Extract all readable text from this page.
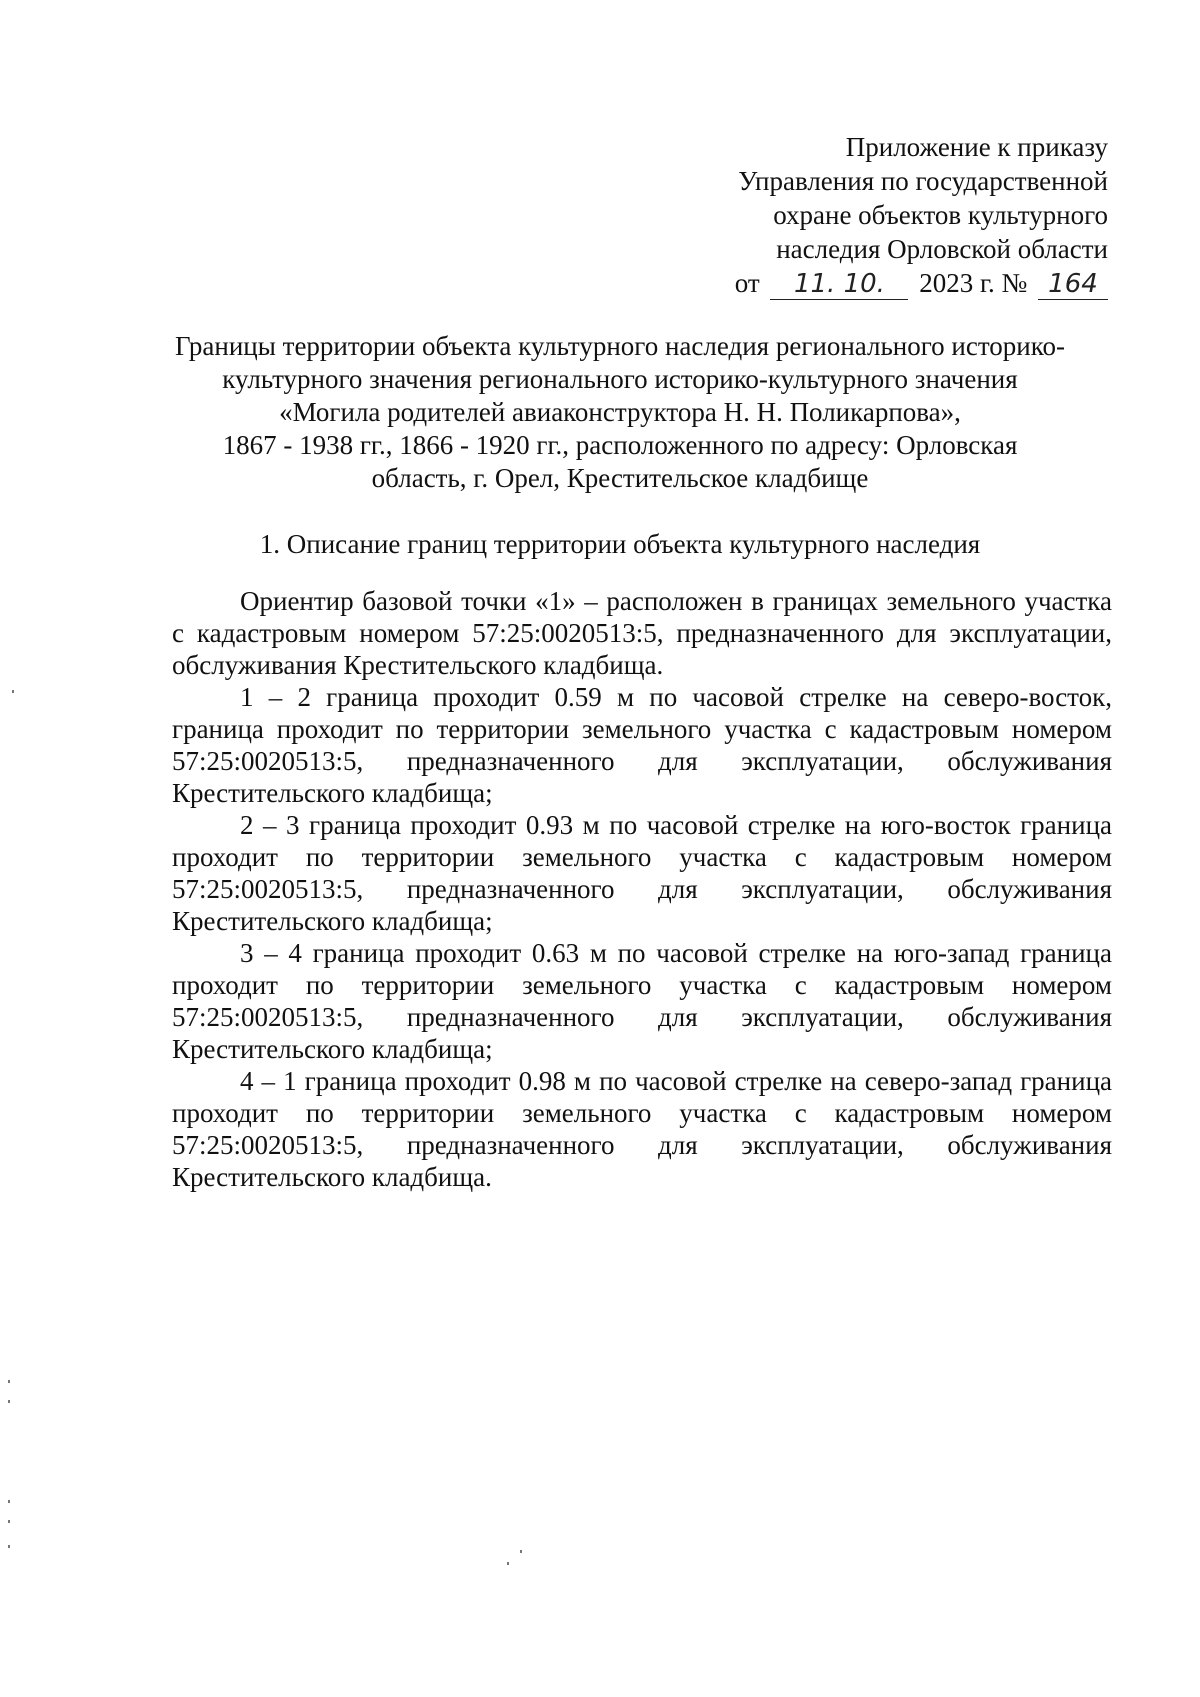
Приложение к приказу
Управления по государственной
охране объектов культурного
наследия Орловской области
от 11. 10. 2023 г. № 164
Границы территории объекта культурного наследия регионального историко-
культурного значения регионального историко-культурного значения
«Могила родителей авиаконструктора Н. Н. Поликарпова»,
1867 - 1938 гг., 1866 - 1920 гг., расположенного по адресу: Орловская
область, г. Орел, Крестительское кладбище
1. Описание границ территории объекта культурного наследия

Ориентир базовой точки «1» – расположен в границах земельного участка с кадастровым номером 57:25:0020513:5, предназначенного для эксплуатации, обслуживания Крестительского кладбища.

1 – 2 граница проходит 0.59 м по часовой стрелке на северо-восток, граница проходит по территории земельного участка с кадастровым номером 57:25:0020513:5, предназначенного для эксплуатации, обслуживания Крестительского кладбища;

2 – 3 граница проходит 0.93 м по часовой стрелке на юго-восток граница проходит по территории земельного участка с кадастровым номером 57:25:0020513:5, предназначенного для эксплуатации, обслуживания Крестительского кладбища;

3 – 4 граница проходит 0.63 м по часовой стрелке на юго-запад граница проходит по территории земельного участка с кадастровым номером 57:25:0020513:5, предназначенного для эксплуатации, обслуживания Крестительского кладбища;

4 – 1 граница проходит 0.98 м по часовой стрелке на северо-запад граница проходит по территории земельного участка с кадастровым номером 57:25:0020513:5, предназначенного для эксплуатации, обслуживания Крестительского кладбища.
